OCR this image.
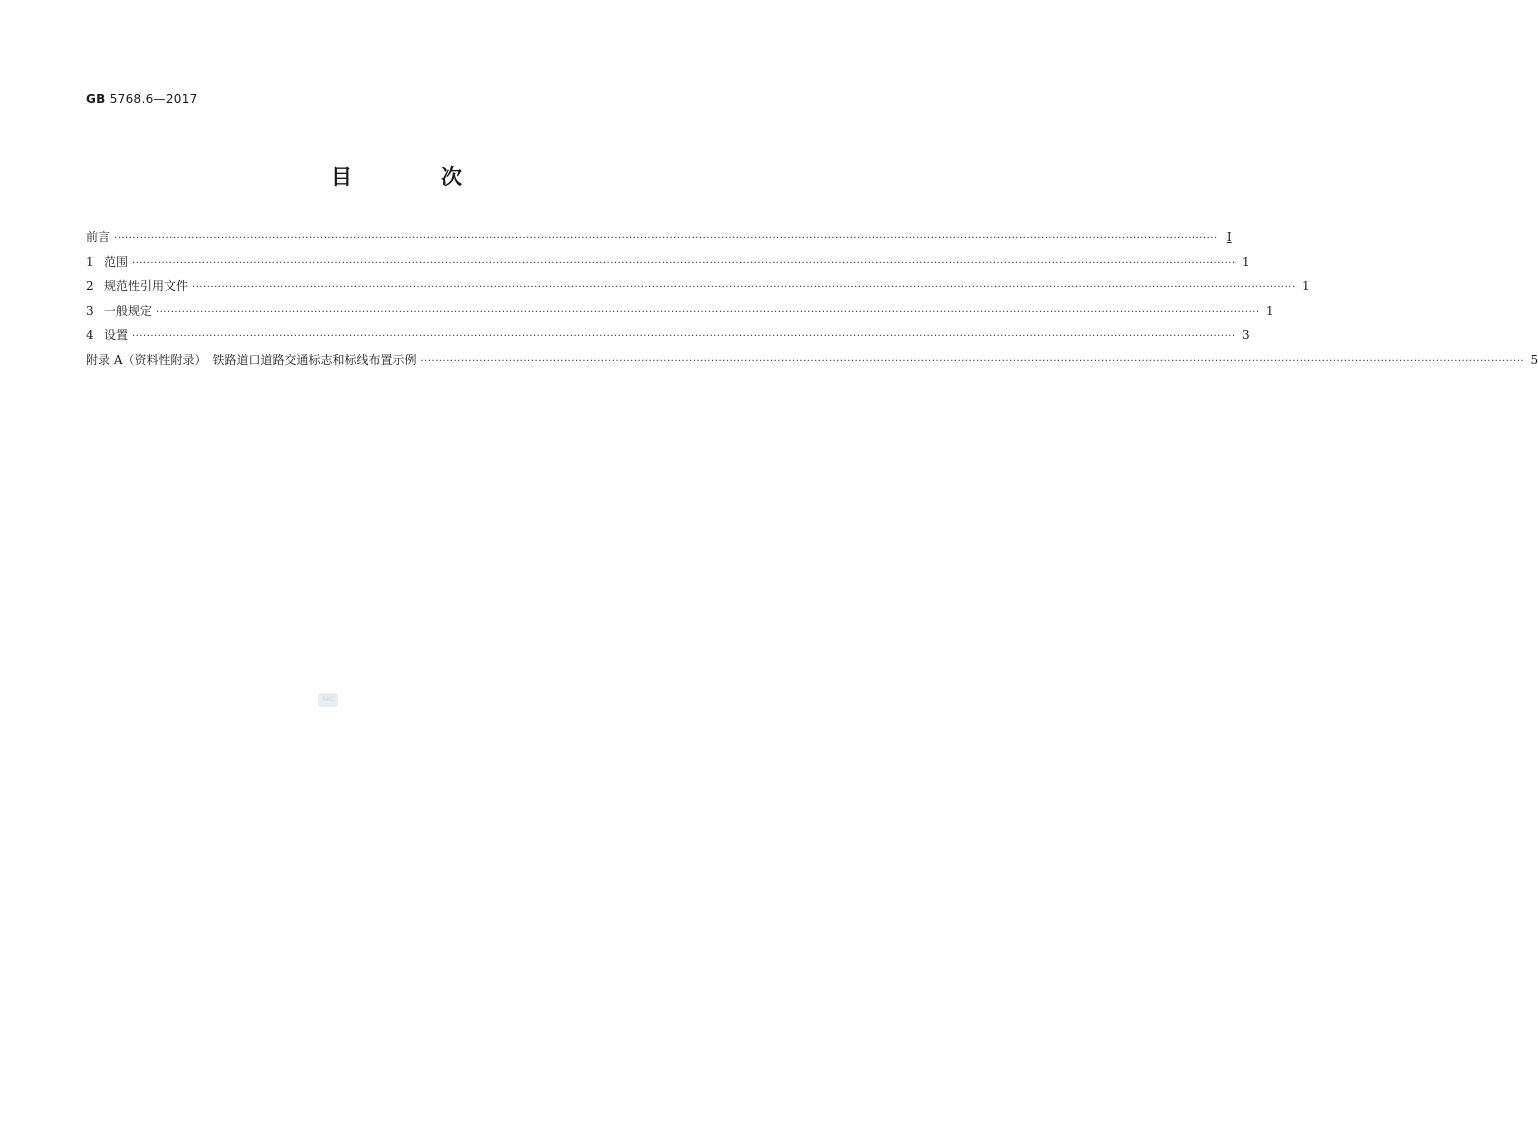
GB 5768.6—2017
目　次
前言 ············································································································································································································································································································ Ⅰ
1 范围 ············································································································································································································································································································ 1
2 规范性引用文件 ············································································································································································································································································································ 1
3 一般规定 ············································································································································································································································································································ 1
4 设置 ············································································································································································································································································································ 3
附录 A（资料性附录）　铁路道口道路交通标志和标线布置示例 ············································································································································································································································································································ 5
SAC
